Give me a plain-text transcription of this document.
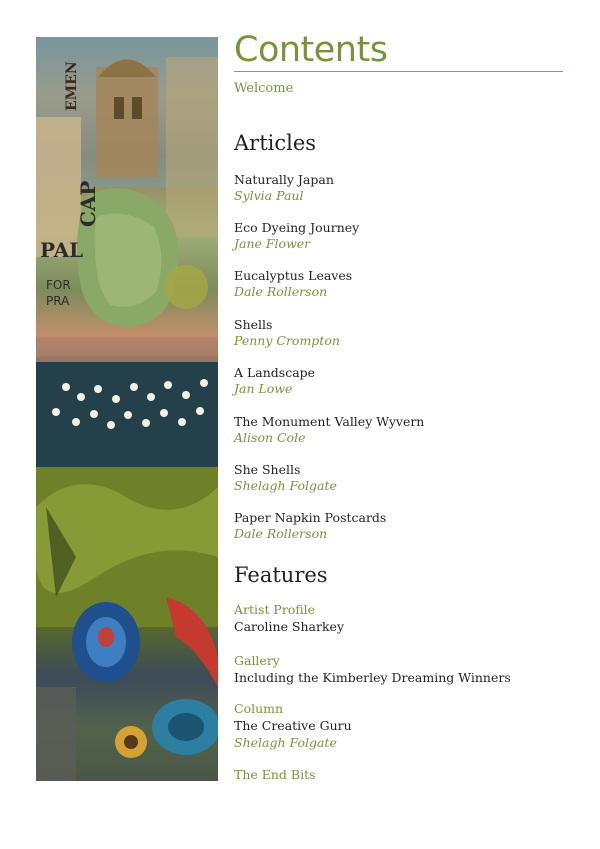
PAL
CAP
FOR
PRA
EMEN
Contents
Welcome
Articles
Naturally Japan
Sylvia Paul
Eco Dyeing Journey
Jane Flower
Eucalyptus Leaves
Dale Rollerson
Shells
Penny Crompton
A Landscape
Jan Lowe
The Monument Valley Wyvern
Alison Cole
She Shells
Shelagh Folgate
Paper Napkin Postcards
Dale Rollerson
Features
Artist Profile
Caroline Sharkey
Gallery
Including the Kimberley Dreaming Winners
Column
The Creative Guru
Shelagh Folgate
The End Bits
